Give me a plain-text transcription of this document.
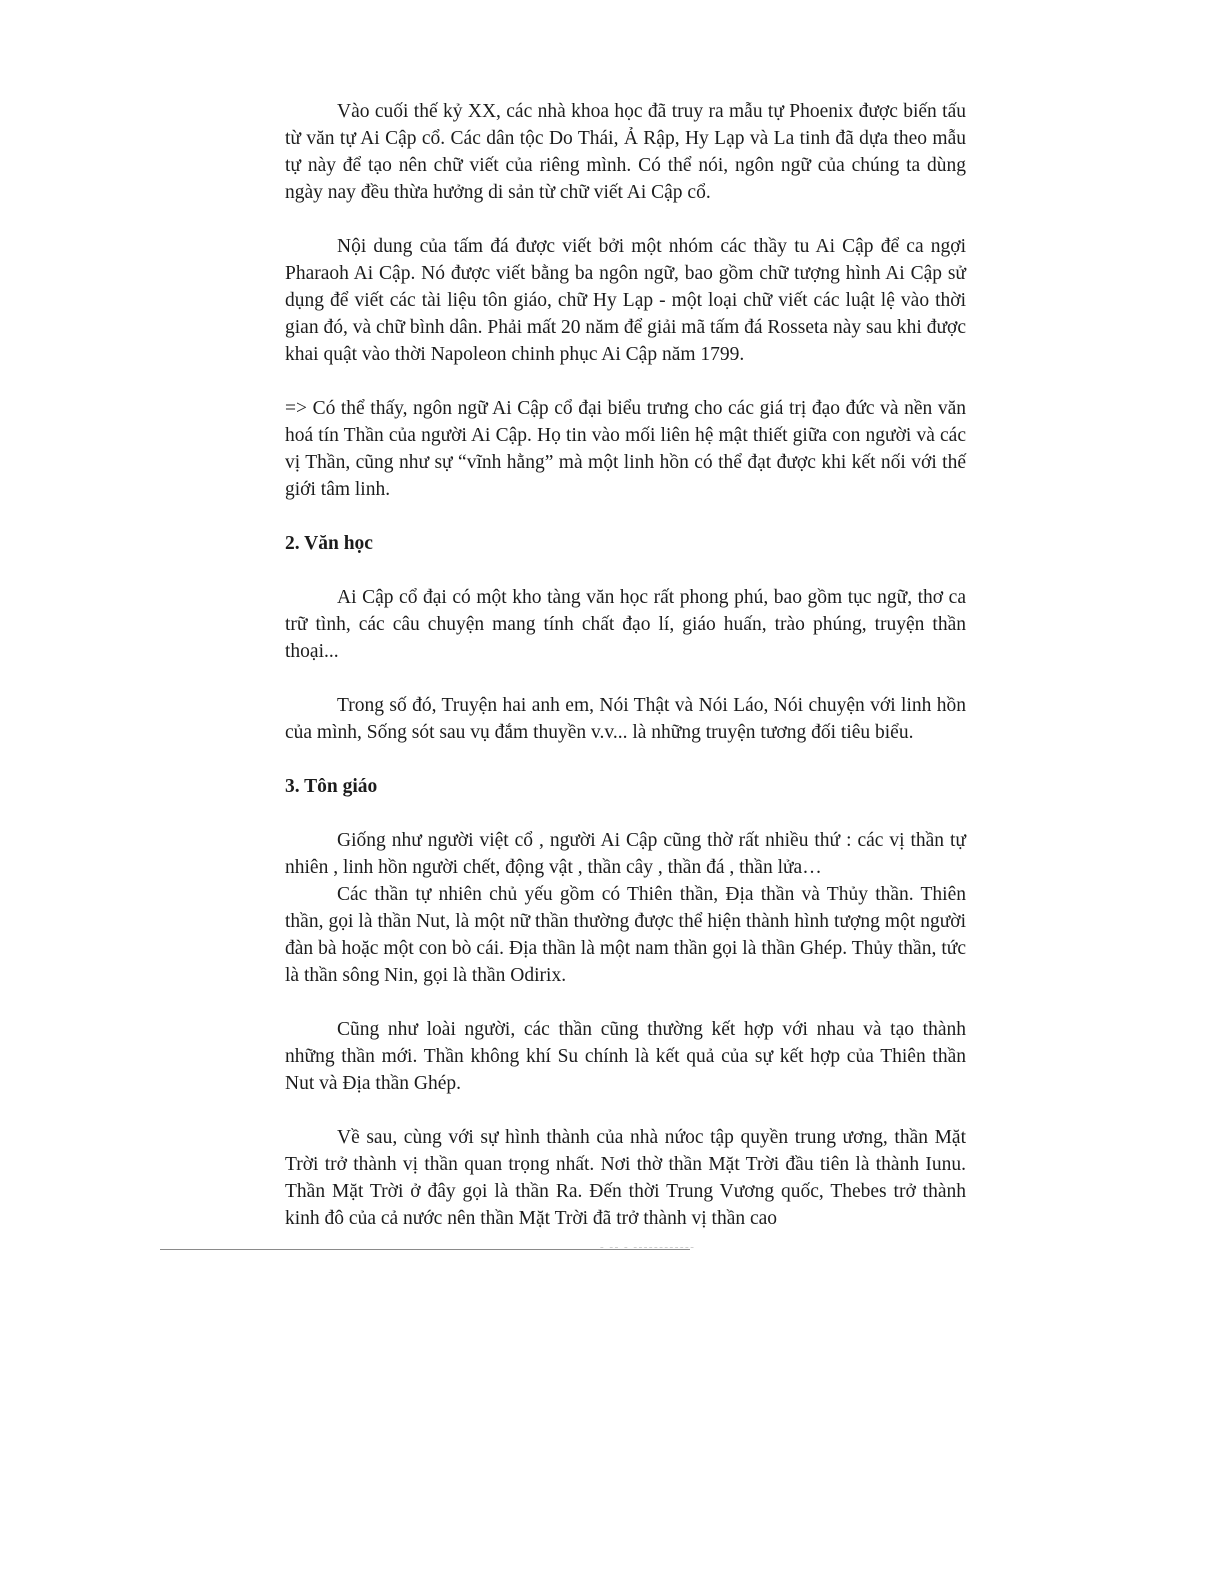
Vào cuối thế kỷ XX, các nhà khoa học đã truy ra mẫu tự Phoenix được biến tấu từ văn tự Ai Cập cổ. Các dân tộc Do Thái, Ả Rập, Hy Lạp và La tinh đã dựa theo mẫu tự này để tạo nên chữ viết của riêng mình. Có thể nói, ngôn ngữ của chúng ta dùng ngày nay đều thừa hưởng di sản từ chữ viết Ai Cập cổ.

Nội dung của tấm đá được viết bởi một nhóm các thầy tu Ai Cập để ca ngợi Pharaoh Ai Cập. Nó được viết bằng ba ngôn ngữ, bao gồm chữ tượng hình Ai Cập sử dụng để viết các tài liệu tôn giáo, chữ Hy Lạp - một loại chữ viết các luật lệ vào thời gian đó, và chữ bình dân. Phải mất 20 năm để giải mã tấm đá Rosseta này sau khi được khai quật vào thời Napoleon chinh phục Ai Cập năm 1799.

=> Có thể thấy, ngôn ngữ Ai Cập cổ đại biểu trưng cho các giá trị đạo đức và nền văn hoá tín Thần của người Ai Cập. Họ tin vào mối liên hệ mật thiết giữa con người và các vị Thần, cũng như sự “vĩnh hằng” mà một linh hồn có thể đạt được khi kết nối với thế giới tâm linh.

2. Văn học

Ai Cập cổ đại có một kho tàng văn học rất phong phú, bao gồm tục ngữ, thơ ca trữ tình, các câu chuyện mang tính chất đạo lí, giáo huấn, trào phúng, truyện thần thoại...

Trong số đó, Truyện hai anh em, Nói Thật và Nói Láo, Nói chuyện với linh hồn của mình, Sống sót sau vụ đắm thuyền v.v... là những truyện tương đối tiêu biểu.

3. Tôn giáo

Giống như người việt cổ , người Ai Cập cũng thờ rất nhiều thứ : các vị thần tự nhiên , linh hồn người chết, động vật , thần cây , thần đá , thần lửa…

Các thần tự nhiên chủ yếu gồm có Thiên thần, Địa thần và Thủy thần. Thiên thần, gọi là thần Nut, là một nữ thần thường được thể hiện thành hình tượng một người đàn bà hoặc một con bò cái. Địa thần là một nam thần gọi là thần Ghép. Thủy thần, tức là thần sông Nin, gọi là thần Odirix.

Cũng như loài người, các thần cũng thường kết hợp với nhau và tạo thành những thần mới. Thần không khí Su chính là kết quả của sự kết hợp của Thiên thần Nut và Địa thần Ghép.

Về sau, cùng với sự hình thành của nhà nứoc tập quyền trung ương, thần Mặt Trời trở thành vị thần quan trọng nhất. Nơi thờ thần Mặt Trời đầu tiên là thành Iunu. Thần Mặt Trời ở đây gọi là thần Ra. Đến thời Trung Vương quốc, Thebes trở thành kinh đô của cả nước nên thần Mặt Trời đã trở thành vị thần cao

- -- - ------------
